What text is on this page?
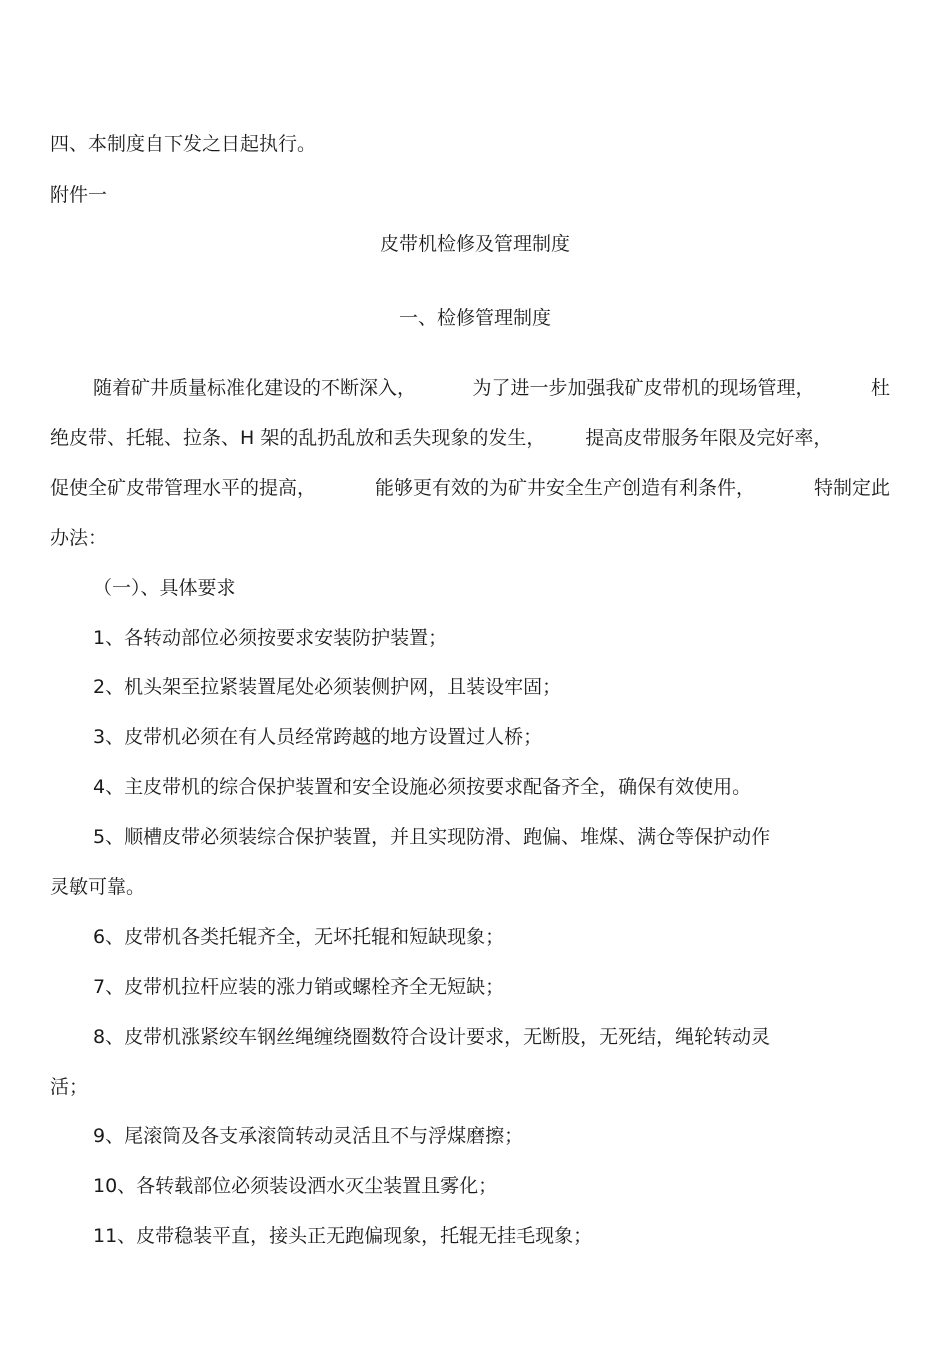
四、本制度自下发之日起执行。
附件一
皮带机检修及管理制度
一、检修管理制度
随着矿井质量标准化建设的不断深入，	为了进一步加强我矿皮带机的现场管理，	杜
绝皮带、托辊、拉条、H 架的乱扔乱放和丢失现象的发生， 提高皮带服务年限及完好率，
促使全矿皮带管理水平的提高，	能够更有效的为矿井安全生产创造有利条件，	特制定此
办法：
（一）、具体要求
1、各转动部位必须按要求安装防护装置；
2、机头架至拉紧装置尾处必须装侧护网，且装设牢固；
3、皮带机必须在有人员经常跨越的地方设置过人桥；
4、主皮带机的综合保护装置和安全设施必须按要求配备齐全，确保有效使用。
5、顺槽皮带必须装综合保护装置，并且实现防滑、跑偏、堆煤、满仓等保护动作
灵敏可靠。
6、皮带机各类托辊齐全，无坏托辊和短缺现象；
7、皮带机拉杆应装的涨力销或螺栓齐全无短缺；
8、皮带机涨紧绞车钢丝绳缠绕圈数符合设计要求，无断股，无死结，绳轮转动灵
活；
9、尾滚筒及各支承滚筒转动灵活且不与浮煤磨擦；
10、各转载部位必须装设洒水灭尘装置且雾化；
11、皮带稳装平直，接头正无跑偏现象，托辊无挂毛现象；
